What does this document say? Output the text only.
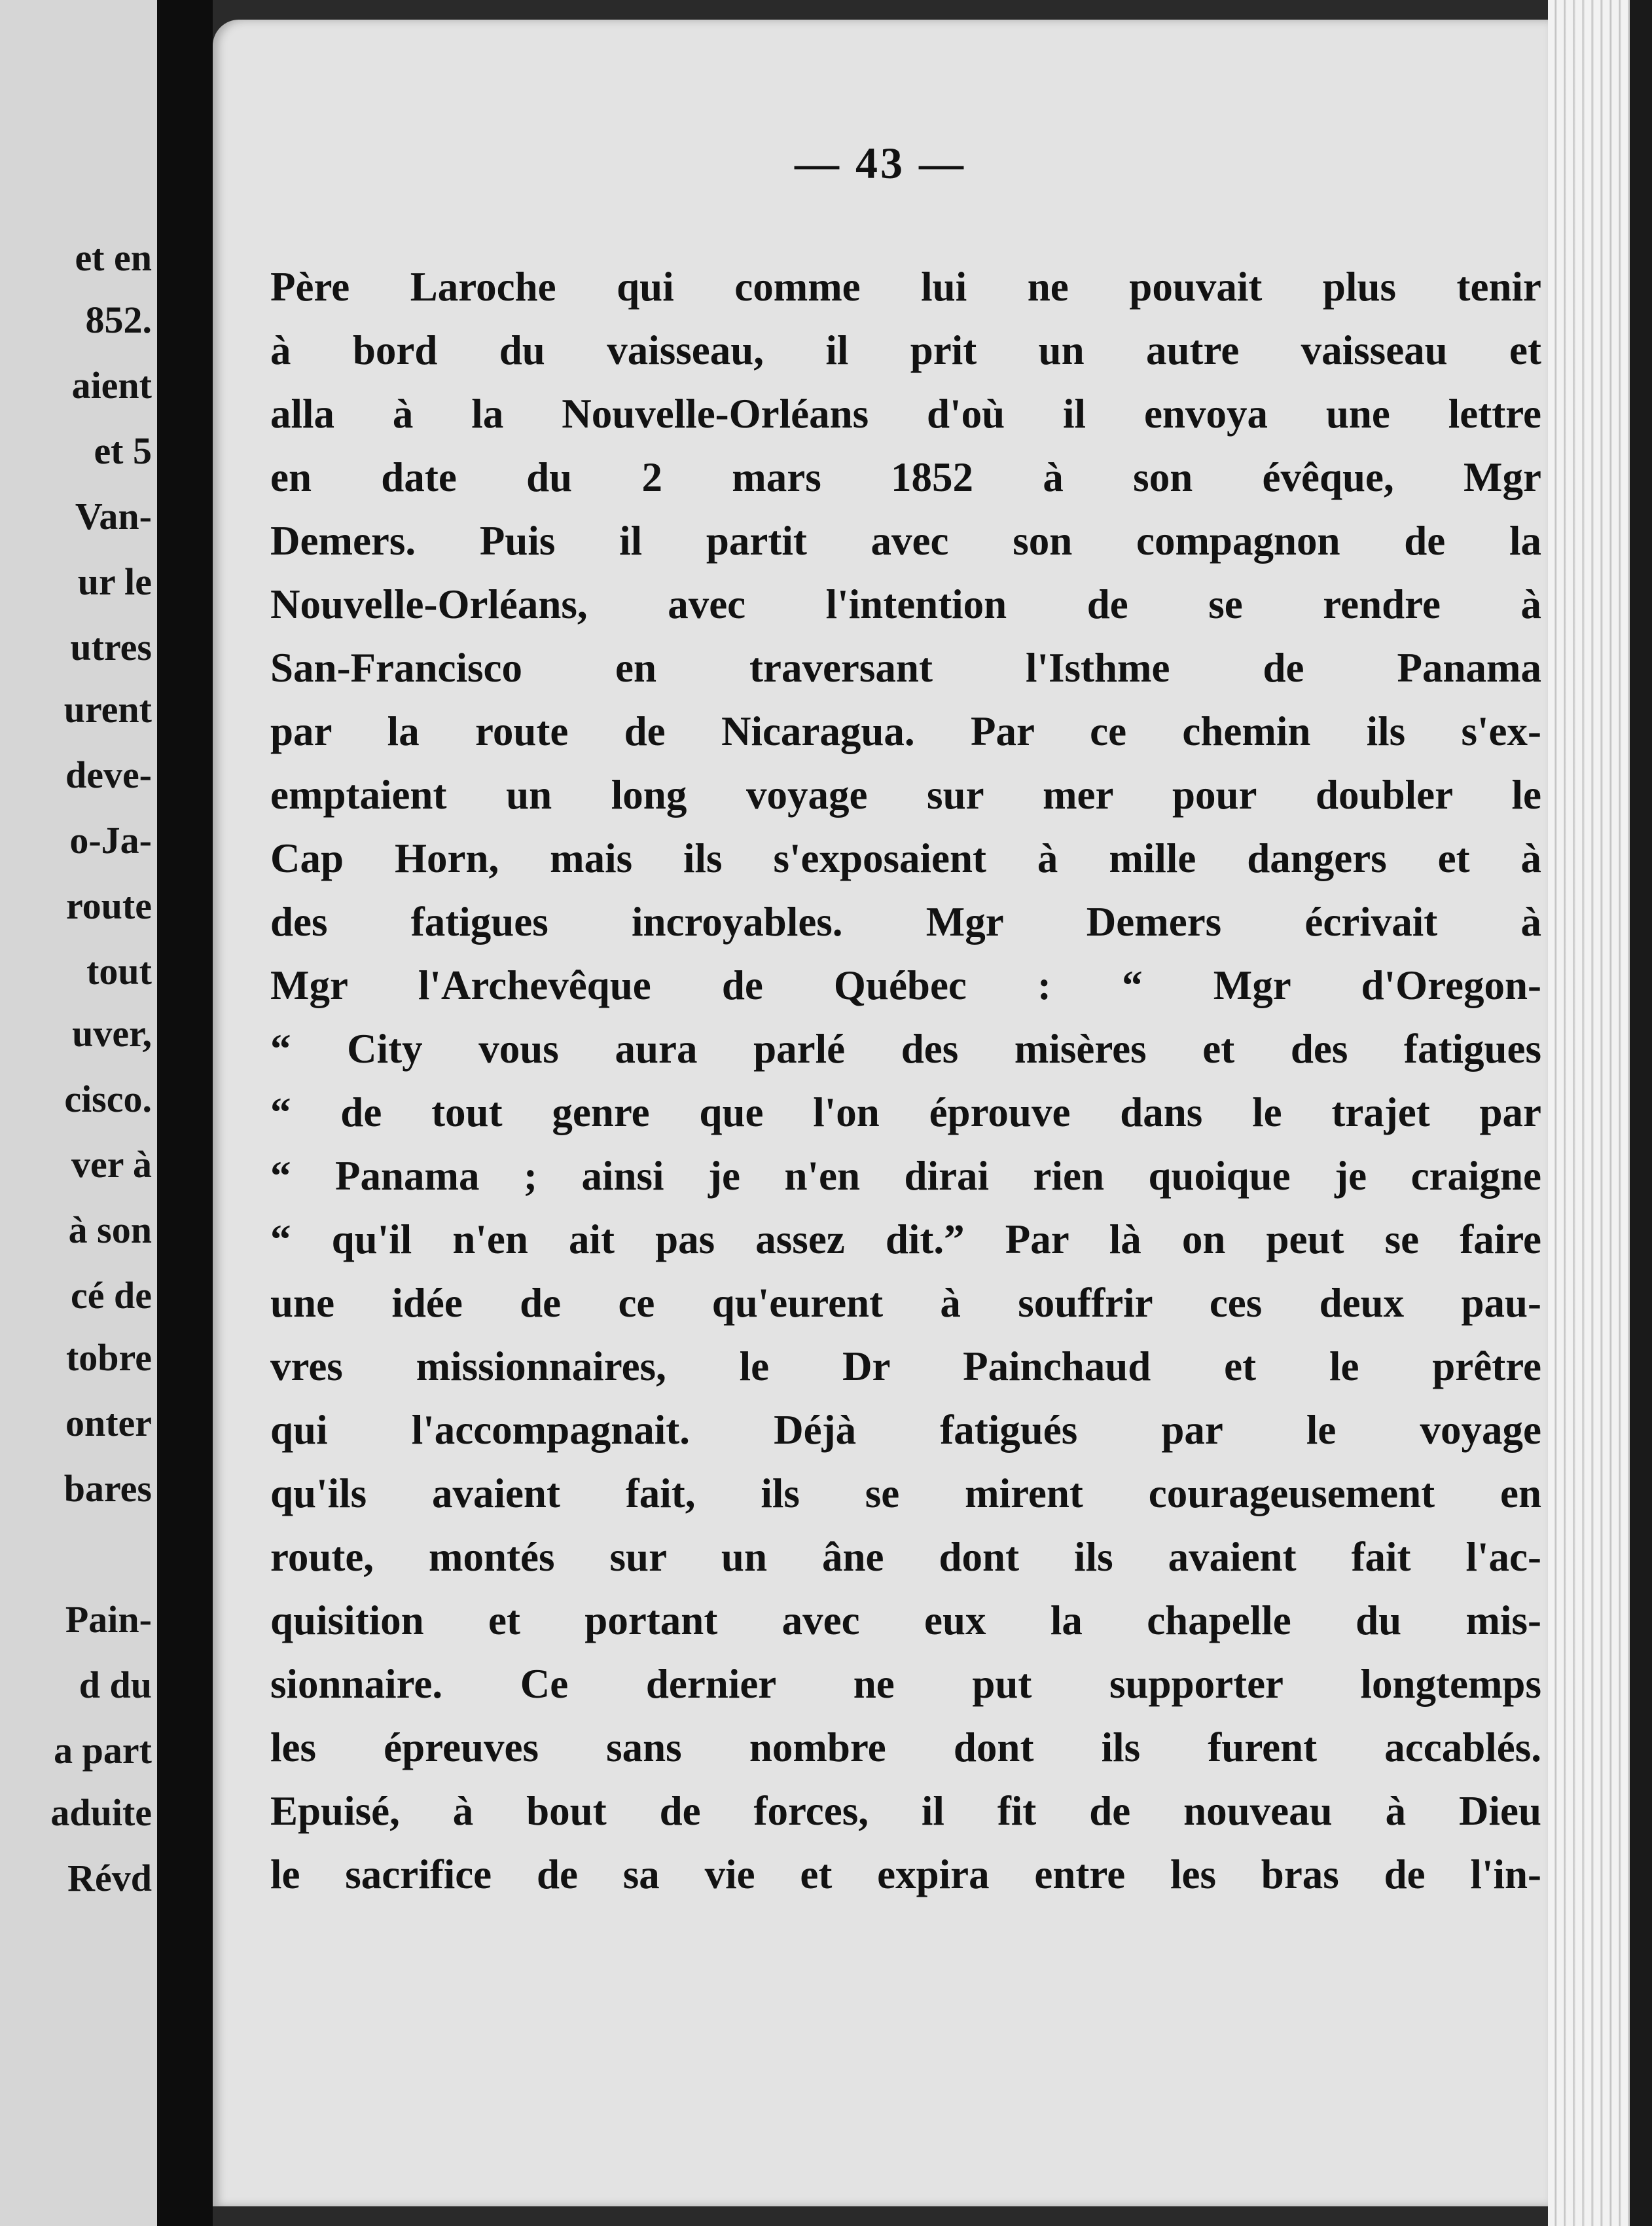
et en
852.
aient
et 5
Van-
ur le
utres
urent
deve-
o-Ja-
route
tout
uver,
cisco.
ver à
à son
cé de
tobre
onter
bares
Pain-
d du
a part
aduite
Révd
— 43 —
Père Laroche qui comme lui ne pouvait plus tenir
à bord du vaisseau, il prit un autre vaisseau et
alla à la Nouvelle-Orléans d'où il envoya une lettre
en date du 2 mars 1852 à son évêque, Mgr
Demers. Puis il partit avec son compagnon de la
Nouvelle-Orléans, avec l'intention de se rendre à
San-Francisco en traversant l'Isthme de Panama
par la route de Nicaragua. Par ce chemin ils s'ex-
emptaient un long voyage sur mer pour doubler le
Cap Horn, mais ils s'exposaient à mille dangers et à
des fatigues incroyables. Mgr Demers écrivait à
Mgr l'Archevêque de Québec : “ Mgr d'Oregon-
“ City vous aura parlé des misères et des fatigues
“ de tout genre que l'on éprouve dans le trajet par
“ Panama ; ainsi je n'en dirai rien quoique je craigne
“ qu'il n'en ait pas assez dit.” Par là on peut se faire
une idée de ce qu'eurent à souffrir ces deux pau-
vres missionnaires, le Dr Painchaud et le prêtre
qui l'accompagnait. Déjà fatigués par le voyage
qu'ils avaient fait, ils se mirent courageusement en
route, montés sur un âne dont ils avaient fait l'ac-
quisition et portant avec eux la chapelle du mis-
sionnaire. Ce dernier ne put supporter longtemps
les épreuves sans nombre dont ils furent accablés.
Epuisé, à bout de forces, il fit de nouveau à Dieu
le sacrifice de sa vie et expira entre les bras de l'in-
